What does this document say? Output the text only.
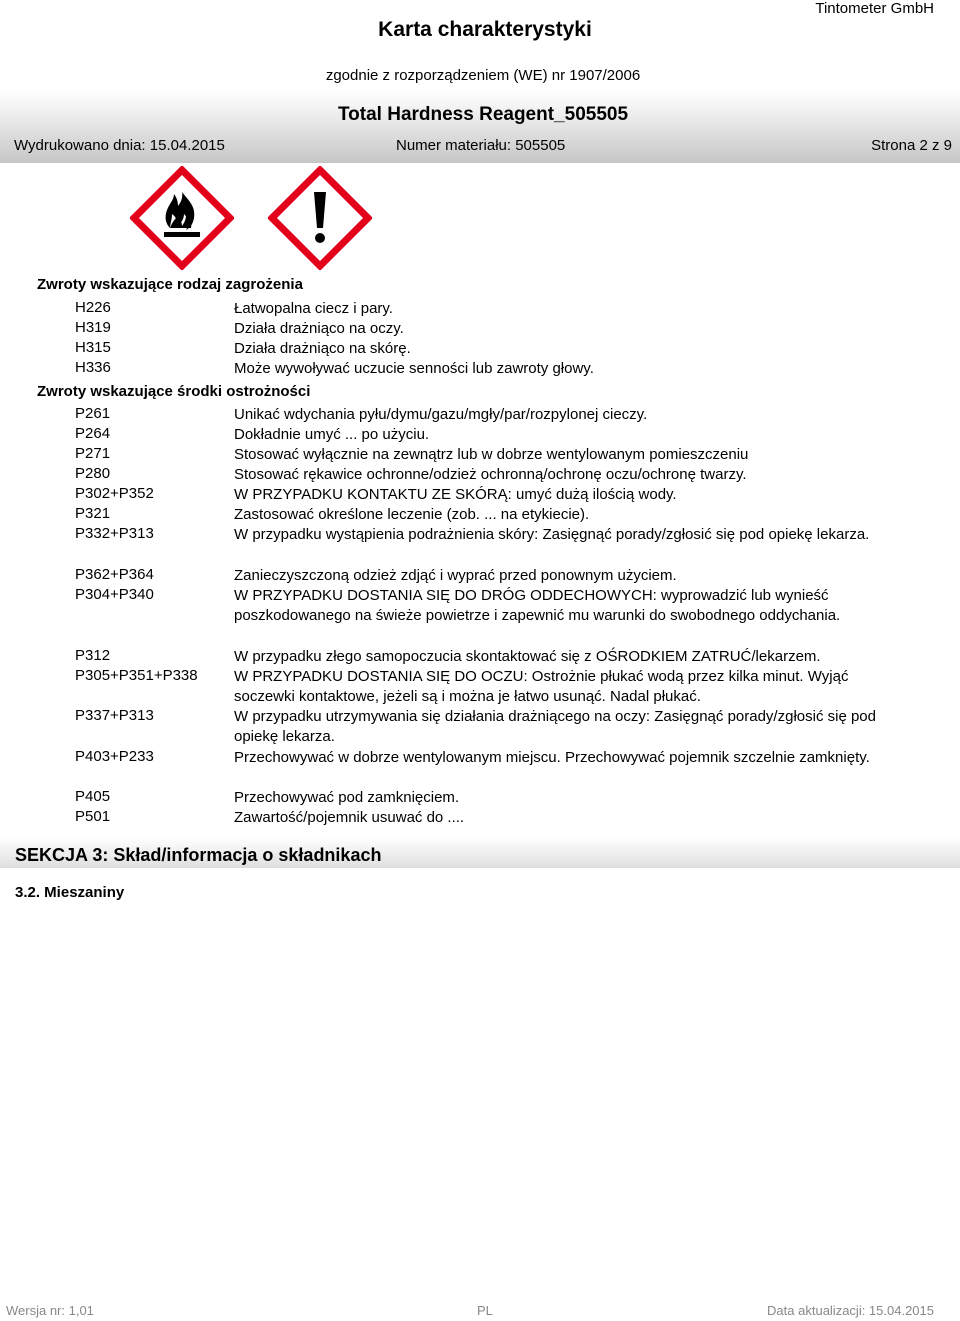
Tintometer GmbH
Karta charakterystyki
zgodnie z rozporządzeniem (WE) nr 1907/2006
Total Hardness Reagent_505505
Wydrukowano dnia: 15.04.2015	Numer materiału: 505505	Strona 2 z 9
Zwroty wskazujące rodzaj zagrożenia
H226	Łatwopalna ciecz i pary.
H319	Działa drażniąco na oczy.
H315	Działa drażniąco na skórę.
H336	Może wywoływać uczucie senności lub zawroty głowy.
Zwroty wskazujące środki ostrożności
P261	Unikać wdychania pyłu/dymu/gazu/mgły/par/rozpylonej cieczy.
P264	Dokładnie umyć ... po użyciu.
P271	Stosować wyłącznie na zewnątrz lub w dobrze wentylowanym pomieszczeniu
P280	Stosować rękawice ochronne/odzież ochronną/ochronę oczu/ochronę twarzy.
P302+P352	W PRZYPADKU KONTAKTU ZE SKÓRĄ: umyć dużą ilością wody.
P321	Zastosować określone leczenie (zob. ... na etykiecie).
P332+P313	W przypadku wystąpienia podrażnienia skóry: Zasięgnąć porady/zgłosić się pod opiekę lekarza.
P362+P364	Zanieczyszczoną odzież zdjąć i wyprać przed ponownym użyciem.
P304+P340	W PRZYPADKU DOSTANIA SIĘ DO DRÓG ODDECHOWYCH: wyprowadzić lub wynieść poszkodowanego na świeże powietrze i zapewnić mu warunki do swobodnego oddychania.
P312	W przypadku złego samopoczucia skontaktować się z OŚRODKIEM ZATRUĆ/lekarzem.
P305+P351+P338 W PRZYPADKU DOSTANIA SIĘ DO OCZU: Ostrożnie płukać wodą przez kilka minut. Wyjąć soczewki kontaktowe, jeżeli są i można je łatwo usunąć. Nadal płukać.
P337+P313	W przypadku utrzymywania się działania drażniącego na oczy: Zasięgnąć porady/zgłosić się pod opiekę lekarza.
P403+P233	Przechowywać w dobrze wentylowanym miejscu. Przechowywać pojemnik szczelnie zamknięty.
P405	Przechowywać pod zamknięciem.
P501	Zawartość/pojemnik usuwać do ....
SEKCJA 3: Skład/informacja o składnikach
3.2. Mieszaniny
Wersja nr: 1,01	PL	Data aktualizacji: 15.04.2015
